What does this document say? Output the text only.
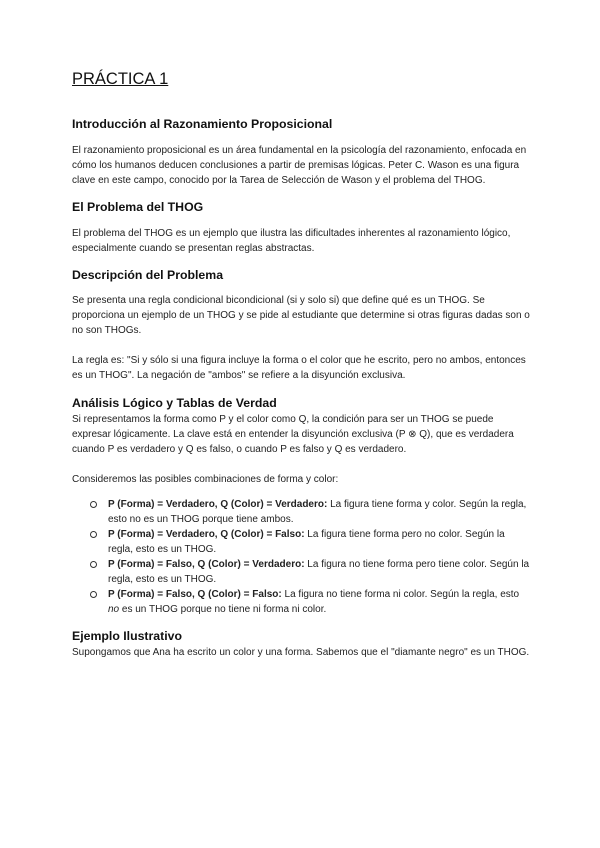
PRÁCTICA 1
Introducción al Razonamiento Proposicional

El razonamiento proposicional es un área fundamental en la psicología del razonamiento, enfocada en cómo los humanos deducen conclusiones a partir de premisas lógicas. Peter C. Wason es una figura clave en este campo, conocido por la Tarea de Selección de Wason y el problema del THOG.

El Problema del THOG

El problema del THOG es un ejemplo que ilustra las dificultades inherentes al razonamiento lógico, especialmente cuando se presentan reglas abstractas.

Descripción del Problema

Se presenta una regla condicional bicondicional (si y solo si) que define qué es un THOG. Se proporciona un ejemplo de un THOG y se pide al estudiante que determine si otras figuras dadas son o no son THOGs.

La regla es: "Si y sólo si una figura incluye la forma o el color que he escrito, pero no ambos, entonces es un THOG". La negación de "ambos" se refiere a la disyunción exclusiva.

Análisis Lógico y Tablas de Verdad

Si representamos la forma como P y el color como Q, la condición para ser un THOG se puede expresar lógicamente. La clave está en entender la disyunción exclusiva (P ⊗ Q), que es verdadera cuando P es verdadero y Q es falso, o cuando P es falso y Q es verdadero.

Consideremos las posibles combinaciones de forma y color:

P (Forma) = Verdadero, Q (Color) = Verdadero: La figura tiene forma y color. Según la regla, esto no es un THOG porque tiene ambos.
P (Forma) = Verdadero, Q (Color) = Falso: La figura tiene forma pero no color. Según la regla, esto es un THOG.
P (Forma) = Falso, Q (Color) = Verdadero: La figura no tiene forma pero tiene color. Según la regla, esto es un THOG.
P (Forma) = Falso, Q (Color) = Falso: La figura no tiene forma ni color. Según la regla, esto no es un THOG porque no tiene ni forma ni color.
Ejemplo Ilustrativo

Supongamos que Ana ha escrito un color y una forma. Sabemos que el "diamante negro" es un THOG.
